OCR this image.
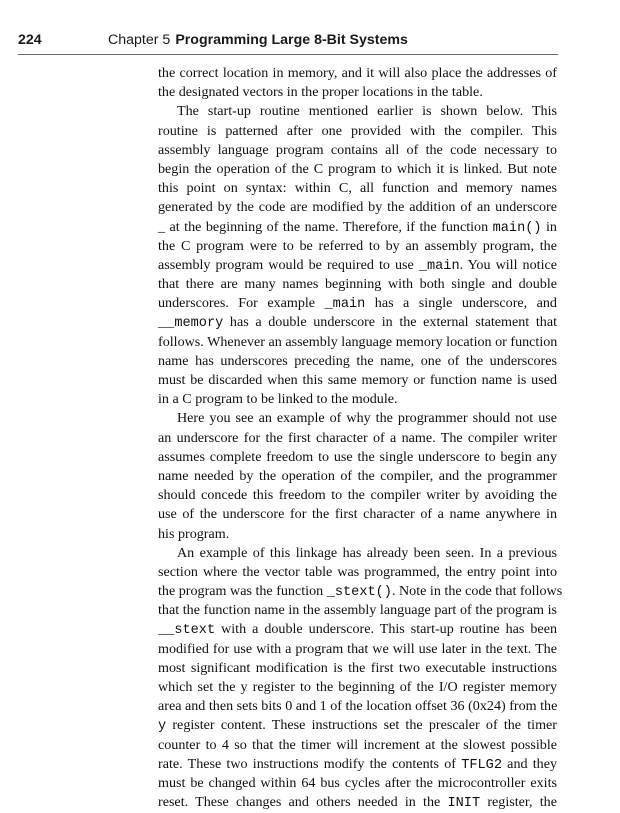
224	Chapter 5 Programming Large 8-Bit Systems
the correct location in memory, and it will also place the addresses of
the designated vectors in the proper locations in the table.
The start-up routine mentioned earlier is shown below. This
routine is patterned after one provided with the compiler. This
assembly language program contains all of the code necessary to
begin the operation of the C program to which it is linked. But note
this point on syntax: within C, all function and memory names
generated by the code are modified by the addition of an underscore
_ at the beginning of the name. Therefore, if the function main() in
the C program were to be referred to by an assembly program, the
assembly program would be required to use _main. You will notice
that there are many names beginning with both single and double
underscores. For example _main has a single underscore, and
__memory has a double underscore in the external statement that
follows. Whenever an assembly language memory location or function
name has underscores preceding the name, one of the underscores
must be discarded when this same memory or function name is used
in a C program to be linked to the module.
Here you see an example of why the programmer should not use
an underscore for the first character of a name. The compiler writer
assumes complete freedom to use the single underscore to begin any
name needed by the operation of the compiler, and the programmer
should concede this freedom to the compiler writer by avoiding the
use of the underscore for the first character of a name anywhere in
his program.
An example of this linkage has already been seen. In a previous
section where the vector table was programmed, the entry point into
the program was the function _stext(). Note in the code that follows
that the function name in the assembly language part of the program is
__stext with a double underscore. This start-up routine has been
modified for use with a program that we will use later in the text. The
most significant modification is the first two executable instructions
which set the y register to the beginning of the I/O register memory
area and then sets bits 0 and 1 of the location offset 36 (0x24) from the
y register content. These instructions set the prescaler of the timer
counter to 4 so that the timer will increment at the slowest possible
rate. These two instructions modify the contents of TFLG2 and they
must be changed within 64 bus cycles after the microcontroller exits
reset. These changes and others needed in the INIT register, the
